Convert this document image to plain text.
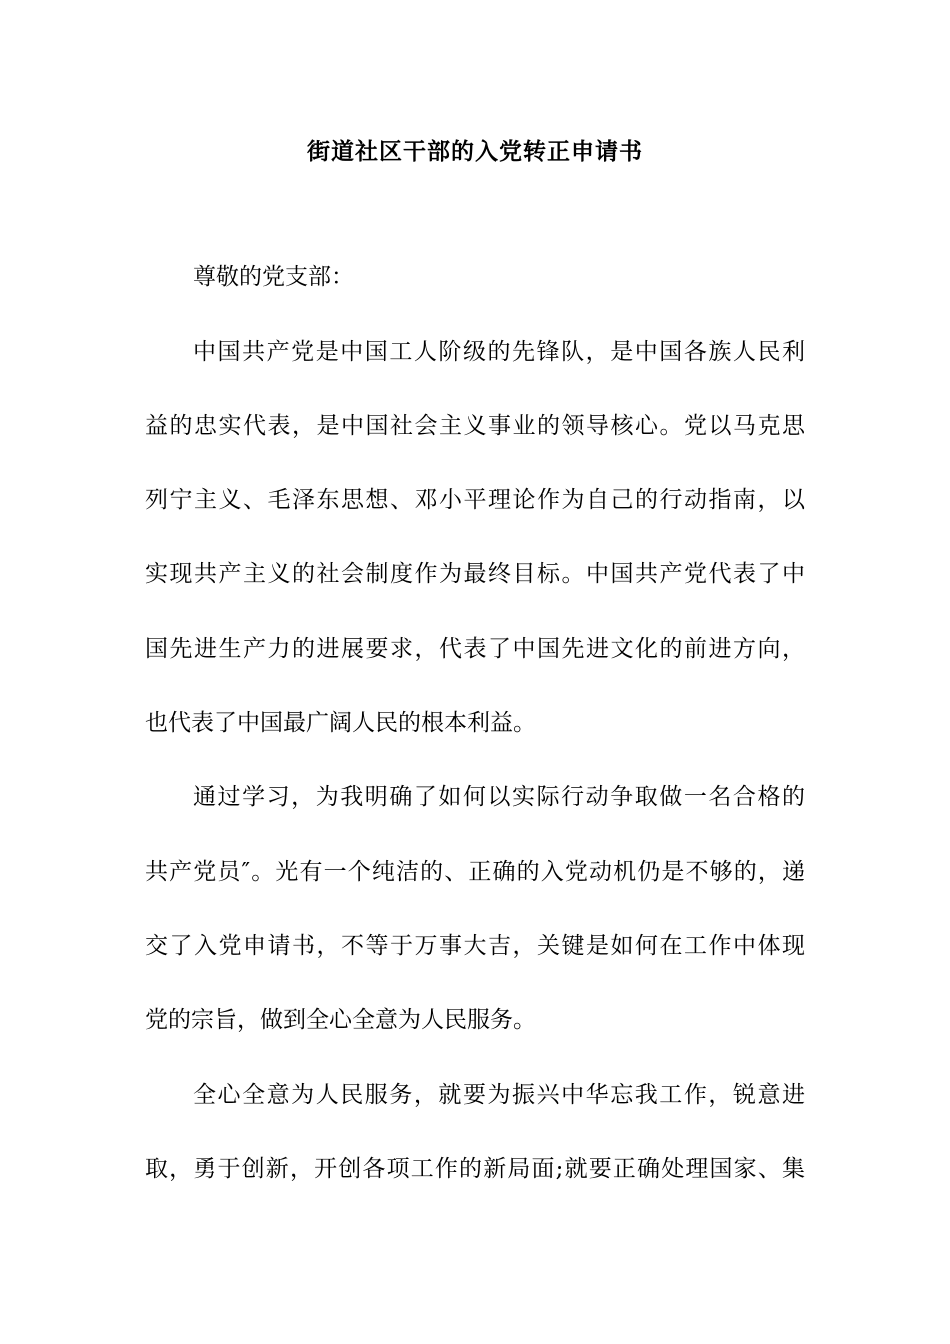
街道社区干部的入党转正申请书
尊敬的党支部：
中国共产党是中国工人阶级的先锋队，是中国各族人民利
益的忠实代表，是中国社会主义事业的领导核心。党以马克思
列宁主义、毛泽东思想、邓小平理论作为自己的行动指南，以
实现共产主义的社会制度作为最终目标。中国共产党代表了中
国先进生产力的进展要求，代表了中国先进文化的前进方向，
也代表了中国最广阔人民的根本利益。
通过学习，为我明确了如何以实际行动争取做一名合格的
共产党员″。光有一个纯洁的、正确的入党动机仍是不够的，递
交了入党申请书，不等于万事大吉，关键是如何在工作中体现
党的宗旨，做到全心全意为人民服务。
全心全意为人民服务，就要为振兴中华忘我工作，锐意进
取，勇于创新，开创各项工作的新局面;就要正确处理国家、集
